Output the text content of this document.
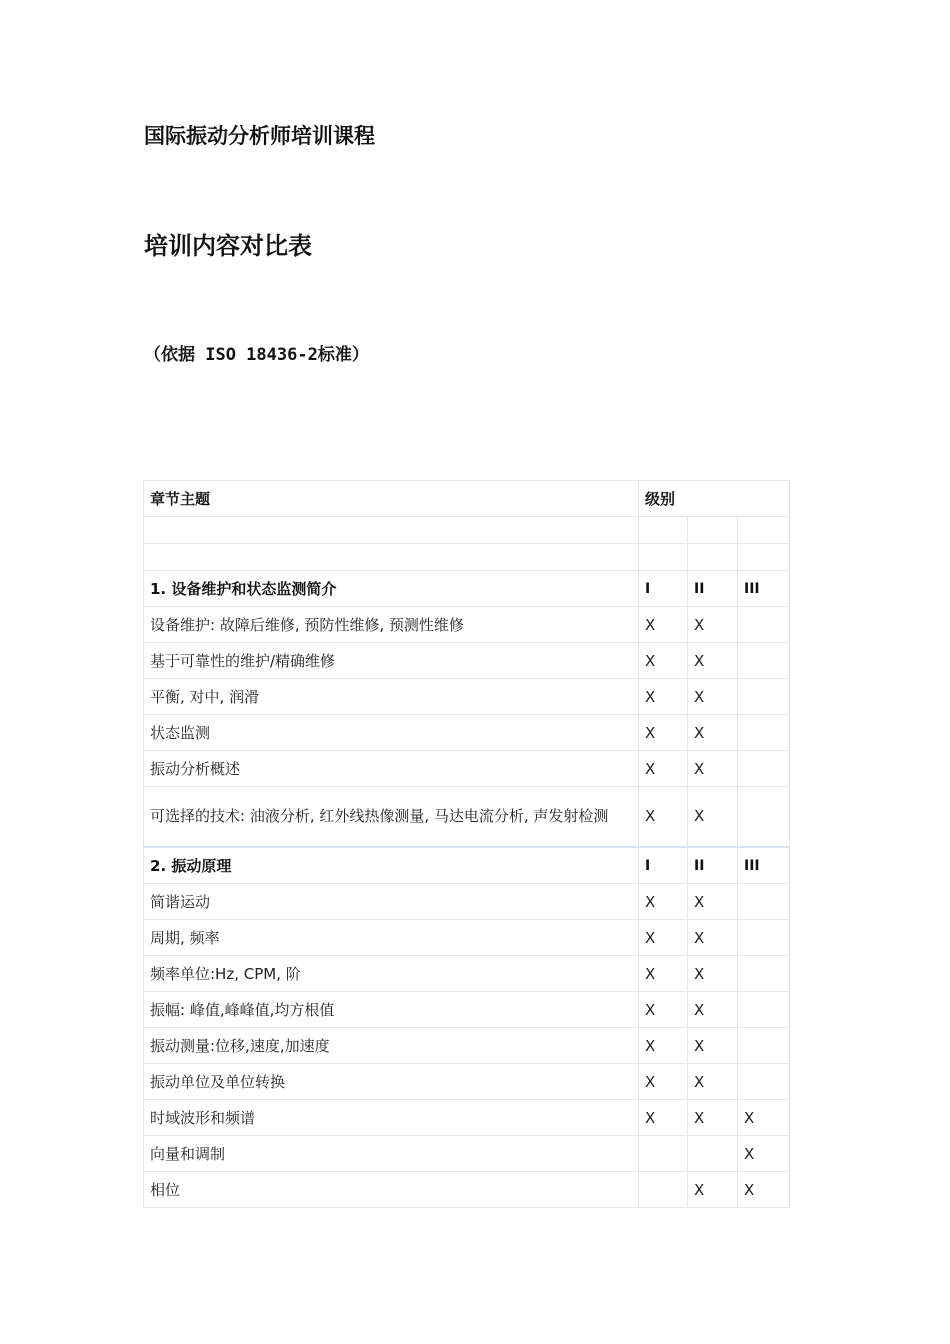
国际振动分析师培训课程
培训内容对比表

（依据 ISO 18436-2标准）

章节主题	级别		

1. 设备维护和状态监测简介	I	II	III
设备维护: 故障后维修, 预防性维修, 预测性维修	X	X	
基于可靠性的维护/精确维修	X	X	
平衡, 对中, 润滑	X	X	
状态监测	X	X	
振动分析概述	X	X	
可选择的技术: 油液分析, 红外线热像测量, 马达电流分析, 声发射检测	X	X	
2. 振动原理	I	II	III
简谐运动	X	X	
周期, 频率	X	X	
频率单位:Hz, CPM, 阶	X	X	
振幅: 峰值,峰峰值,均方根值	X	X	
振动测量:位移,速度,加速度	X	X	
振动单位及单位转换	X	X	
时域波形和频谱	X	X	X
向量和调制			X
相位		X	X
